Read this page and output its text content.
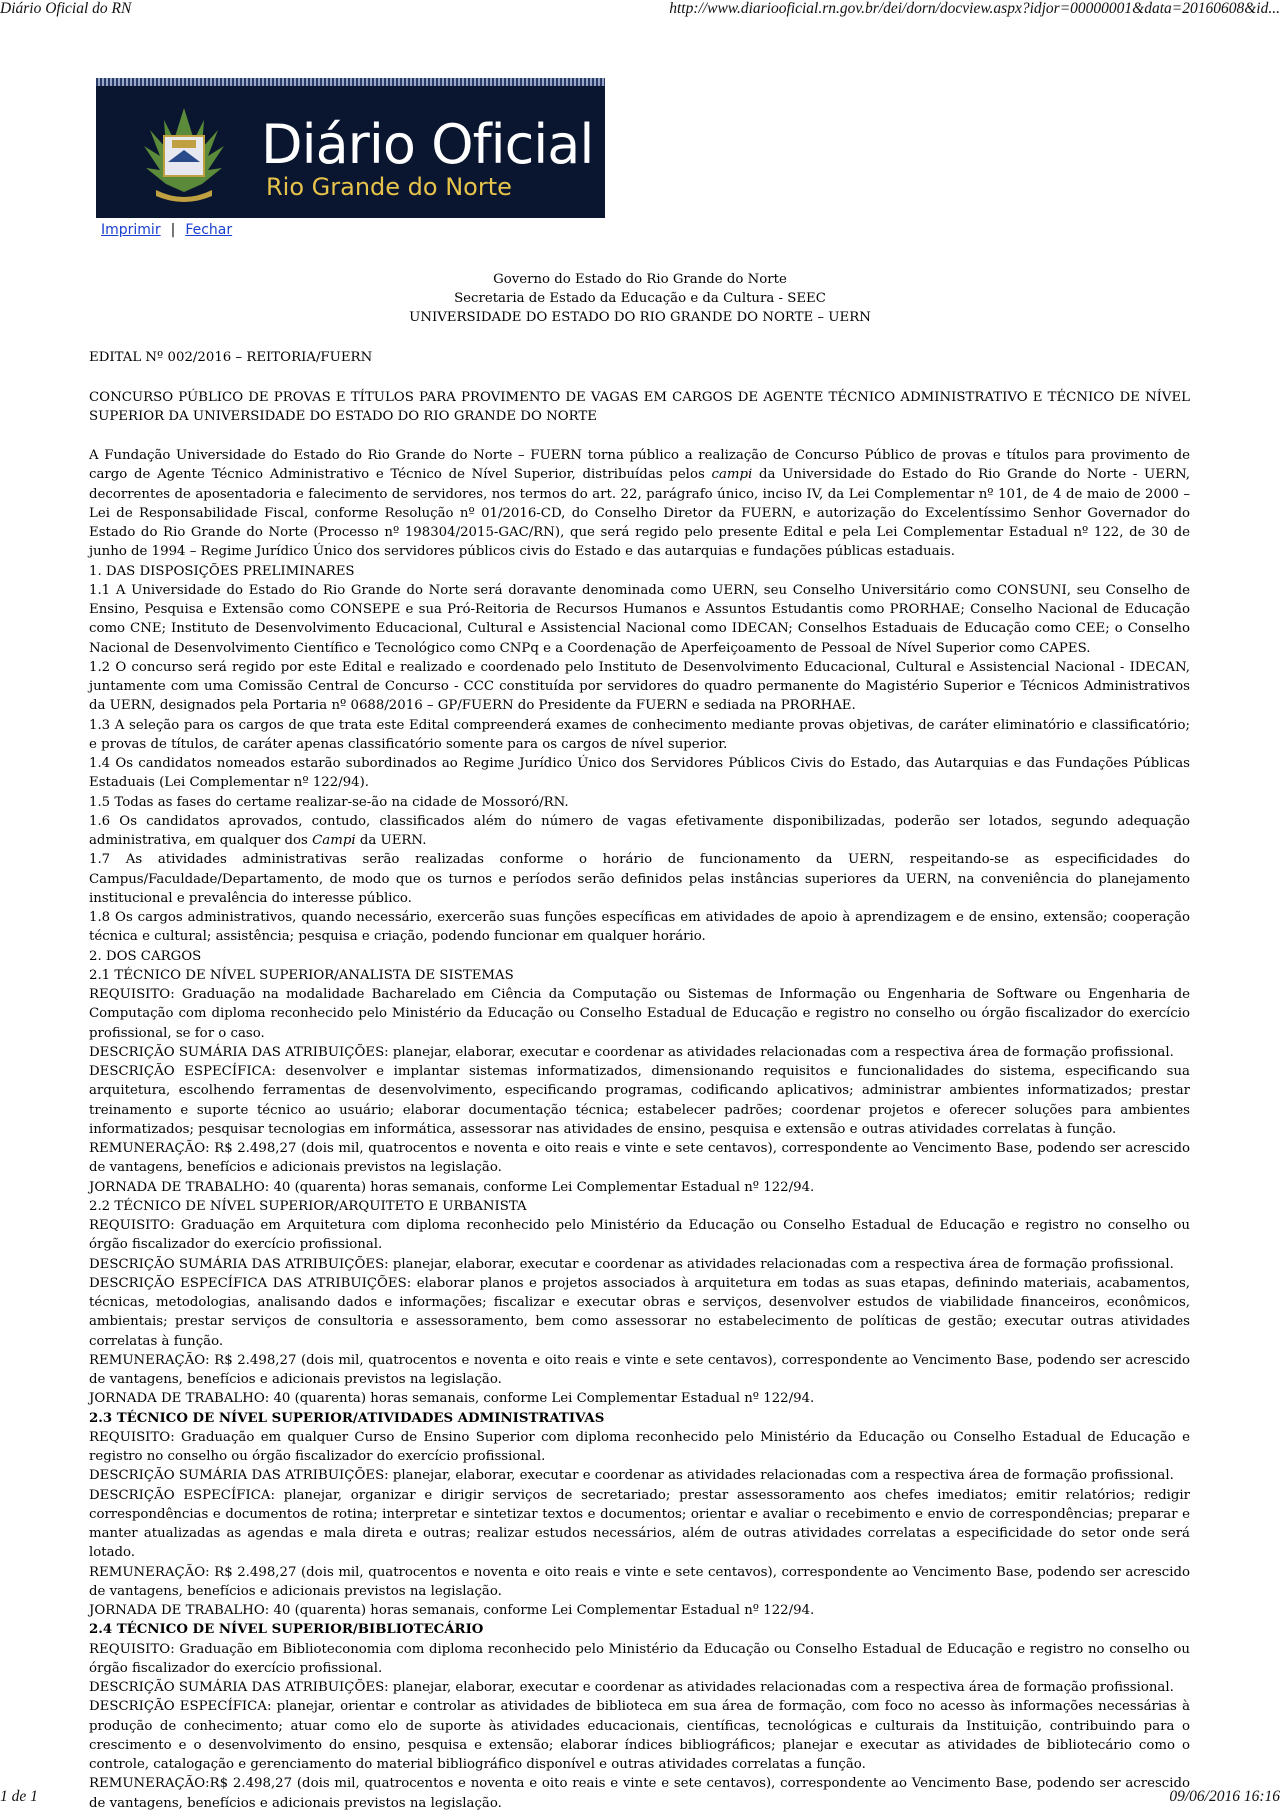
Diário Oficial do RN	http://www.diariooficial.rn.gov.br/dei/dorn/docview.aspx?idjor=00000001&data=20160608&id...
Diário Oficial
Rio Grande do Norte
Imprimir | Fechar
Governo do Estado do Rio Grande do Norte
Secretaria de Estado da Educação e da Cultura - SEEC
UNIVERSIDADE DO ESTADO DO RIO GRANDE DO NORTE – UERN
EDITAL Nº 002/2016 – REITORIA/FUERN
CONCURSO PÚBLICO DE PROVAS E TÍTULOS PARA PROVIMENTO DE VAGAS EM CARGOS DE AGENTE TÉCNICO ADMINISTRATIVO E TÉCNICO DE NÍVEL SUPERIOR DA UNIVERSIDADE DO ESTADO DO RIO GRANDE DO NORTE

A Fundação Universidade do Estado do Rio Grande do Norte – FUERN torna público a realização de Concurso Público de provas e títulos para provimento de cargo de Agente Técnico Administrativo e Técnico de Nível Superior, distribuídas pelos campi da Universidade do Estado do Rio Grande do Norte - UERN, decorrentes de aposentadoria e falecimento de servidores, nos termos do art. 22, parágrafo único, inciso IV, da Lei Complementar nº 101, de 4 de maio de 2000 – Lei de Responsabilidade Fiscal, conforme Resolução nº 01/2016-CD, do Conselho Diretor da FUERN, e autorização do Excelentíssimo Senhor Governador do Estado do Rio Grande do Norte (Processo nº 198304/2015-GAC/RN), que será regido pelo presente Edital e pela Lei Complementar Estadual nº 122, de 30 de junho de 1994 – Regime Jurídico Único dos servidores públicos civis do Estado e das autarquias e fundações públicas estaduais.

1. DAS DISPOSIÇÕES PRELIMINARES

1.1 A Universidade do Estado do Rio Grande do Norte será doravante denominada como UERN, seu Conselho Universitário como CONSUNI, seu Conselho de Ensino, Pesquisa e Extensão como CONSEPE e sua Pró-Reitoria de Recursos Humanos e Assuntos Estudantis como PRORHAE; Conselho Nacional de Educação como CNE; Instituto de Desenvolvimento Educacional, Cultural e Assistencial Nacional como IDECAN; Conselhos Estaduais de Educação como CEE; o Conselho Nacional de Desenvolvimento Científico e Tecnológico como CNPq e a Coordenação de Aperfeiçoamento de Pessoal de Nível Superior como CAPES.

1.2 O concurso será regido por este Edital e realizado e coordenado pelo Instituto de Desenvolvimento Educacional, Cultural e Assistencial Nacional - IDECAN, juntamente com uma Comissão Central de Concurso - CCC constituída por servidores do quadro permanente do Magistério Superior e Técnicos Administrativos da UERN, designados pela Portaria nº 0688/2016 – GP/FUERN do Presidente da FUERN e sediada na PRORHAE.

1.3 A seleção para os cargos de que trata este Edital compreenderá exames de conhecimento mediante provas objetivas, de caráter eliminatório e classificatório; e provas de títulos, de caráter apenas classificatório somente para os cargos de nível superior.

1.4 Os candidatos nomeados estarão subordinados ao Regime Jurídico Único dos Servidores Públicos Civis do Estado, das Autarquias e das Fundações Públicas Estaduais (Lei Complementar nº 122/94).

1.5 Todas as fases do certame realizar-se-ão na cidade de Mossoró/RN.

1.6 Os candidatos aprovados, contudo, classificados além do número de vagas efetivamente disponibilizadas, poderão ser lotados, segundo adequação administrativa, em qualquer dos Campi da UERN.

1.7 As atividades administrativas serão realizadas conforme o horário de funcionamento da UERN, respeitando-se as especificidades do Campus/Faculdade/Departamento, de modo que os turnos e períodos serão definidos pelas instâncias superiores da UERN, na conveniência do planejamento institucional e prevalência do interesse público.

1.8 Os cargos administrativos, quando necessário, exercerão suas funções específicas em atividades de apoio à aprendizagem e de ensino, extensão; cooperação técnica e cultural; assistência; pesquisa e criação, podendo funcionar em qualquer horário.

2. DOS CARGOS

2.1 TÉCNICO DE NÍVEL SUPERIOR/ANALISTA DE SISTEMAS

REQUISITO: Graduação na modalidade Bacharelado em Ciência da Computação ou Sistemas de Informação ou Engenharia de Software ou Engenharia de Computação com diploma reconhecido pelo Ministério da Educação ou Conselho Estadual de Educação e registro no conselho ou órgão fiscalizador do exercício profissional, se for o caso.

DESCRIÇÃO SUMÁRIA DAS ATRIBUIÇÕES: planejar, elaborar, executar e coordenar as atividades relacionadas com a respectiva área de formação profissional.

DESCRIÇÃO ESPECÍFICA: desenvolver e implantar sistemas informatizados, dimensionando requisitos e funcionalidades do sistema, especificando sua arquitetura, escolhendo ferramentas de desenvolvimento, especificando programas, codificando aplicativos; administrar ambientes informatizados; prestar treinamento e suporte técnico ao usuário; elaborar documentação técnica; estabelecer padrões; coordenar projetos e oferecer soluções para ambientes informatizados; pesquisar tecnologias em informática, assessorar nas atividades de ensino, pesquisa e extensão e outras atividades correlatas à função.

REMUNERAÇÃO: R$ 2.498,27 (dois mil, quatrocentos e noventa e oito reais e vinte e sete centavos), correspondente ao Vencimento Base, podendo ser acrescido de vantagens, benefícios e adicionais previstos na legislação.

JORNADA DE TRABALHO: 40 (quarenta) horas semanais, conforme Lei Complementar Estadual nº 122/94.

2.2 TÉCNICO DE NÍVEL SUPERIOR/ARQUITETO E URBANISTA

REQUISITO: Graduação em Arquitetura com diploma reconhecido pelo Ministério da Educação ou Conselho Estadual de Educação e registro no conselho ou órgão fiscalizador do exercício profissional.

DESCRIÇÃO SUMÁRIA DAS ATRIBUIÇÕES: planejar, elaborar, executar e coordenar as atividades relacionadas com a respectiva área de formação profissional.

DESCRIÇÃO ESPECÍFICA DAS ATRIBUIÇÕES: elaborar planos e projetos associados à arquitetura em todas as suas etapas, definindo materiais, acabamentos, técnicas, metodologias, analisando dados e informações; fiscalizar e executar obras e serviços, desenvolver estudos de viabilidade financeiros, econômicos, ambientais; prestar serviços de consultoria e assessoramento, bem como assessorar no estabelecimento de políticas de gestão; executar outras atividades correlatas à função.

REMUNERAÇÃO: R$ 2.498,27 (dois mil, quatrocentos e noventa e oito reais e vinte e sete centavos), correspondente ao Vencimento Base, podendo ser acrescido de vantagens, benefícios e adicionais previstos na legislação.

JORNADA DE TRABALHO: 40 (quarenta) horas semanais, conforme Lei Complementar Estadual nº 122/94.

2.3 TÉCNICO DE NÍVEL SUPERIOR/ATIVIDADES ADMINISTRATIVAS

REQUISITO: Graduação em qualquer Curso de Ensino Superior com diploma reconhecido pelo Ministério da Educação ou Conselho Estadual de Educação e registro no conselho ou órgão fiscalizador do exercício profissional.

DESCRIÇÃO SUMÁRIA DAS ATRIBUIÇÕES: planejar, elaborar, executar e coordenar as atividades relacionadas com a respectiva área de formação profissional.

DESCRIÇÃO ESPECÍFICA: planejar, organizar e dirigir serviços de secretariado; prestar assessoramento aos chefes imediatos; emitir relatórios; redigir correspondências e documentos de rotina; interpretar e sintetizar textos e documentos; orientar e avaliar o recebimento e envio de correspondências; preparar e manter atualizadas as agendas e mala direta e outras; realizar estudos necessários, além de outras atividades correlatas a especificidade do setor onde será lotado.

REMUNERAÇÃO: R$ 2.498,27 (dois mil, quatrocentos e noventa e oito reais e vinte e sete centavos), correspondente ao Vencimento Base, podendo ser acrescido de vantagens, benefícios e adicionais previstos na legislação.

JORNADA DE TRABALHO: 40 (quarenta) horas semanais, conforme Lei Complementar Estadual nº 122/94.

2.4 TÉCNICO DE NÍVEL SUPERIOR/BIBLIOTECÁRIO

REQUISITO: Graduação em Biblioteconomia com diploma reconhecido pelo Ministério da Educação ou Conselho Estadual de Educação e registro no conselho ou órgão fiscalizador do exercício profissional.

DESCRIÇÃO SUMÁRIA DAS ATRIBUIÇÕES: planejar, elaborar, executar e coordenar as atividades relacionadas com a respectiva área de formação profissional.

DESCRIÇÃO ESPECÍFICA: planejar, orientar e controlar as atividades de biblioteca em sua área de formação, com foco no acesso às informações necessárias à produção de conhecimento; atuar como elo de suporte às atividades educacionais, científicas, tecnológicas e culturais da Instituição, contribuindo para o crescimento e o desenvolvimento do ensino, pesquisa e extensão; elaborar índices bibliográficos; planejar e executar as atividades de bibliotecário como o controle, catalogação e gerenciamento do material bibliográfico disponível e outras atividades correlatas a função.

REMUNERAÇÃO:R$ 2.498,27 (dois mil, quatrocentos e noventa e oito reais e vinte e sete centavos), correspondente ao Vencimento Base, podendo ser acrescido de vantagens, benefícios e adicionais previstos na legislação.

1 de 1	09/06/2016 16:16
